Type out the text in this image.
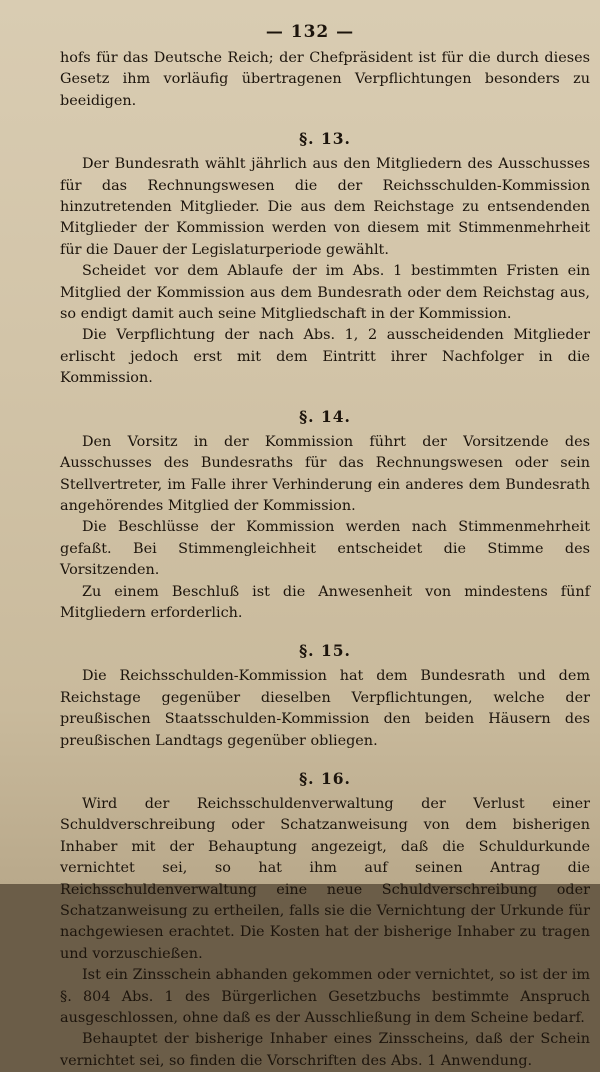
— 132 —

hofs für das Deutsche Reich; der Chefpräsident ist für die durch dieses Gesetz ihm vorläufig übertragenen Verpflichtungen besonders zu beeidigen.

§. 13.

Der Bundesrath wählt jährlich aus den Mitgliedern des Ausschusses für das Rechnungswesen die der Reichsschulden-Kommission hinzutretenden Mitglieder. Die aus dem Reichstage zu entsendenden Mitglieder der Kommission werden von diesem mit Stimmenmehrheit für die Dauer der Legislaturperiode gewählt.

Scheidet vor dem Ablaufe der im Abs. 1 bestimmten Fristen ein Mitglied der Kommission aus dem Bundesrath oder dem Reichstag aus, so endigt damit auch seine Mitgliedschaft in der Kommission.

Die Verpflichtung der nach Abs. 1, 2 ausscheidenden Mitglieder erlischt jedoch erst mit dem Eintritt ihrer Nachfolger in die Kommission.

§. 14.

Den Vorsitz in der Kommission führt der Vorsitzende des Ausschusses des Bundesraths für das Rechnungswesen oder sein Stellvertreter, im Falle ihrer Verhinderung ein anderes dem Bundesrath angehörendes Mitglied der Kommission.

Die Beschlüsse der Kommission werden nach Stimmenmehrheit gefaßt. Bei Stimmengleichheit entscheidet die Stimme des Vorsitzenden.

Zu einem Beschluß ist die Anwesenheit von mindestens fünf Mitgliedern erforderlich.

§. 15.

Die Reichsschulden-Kommission hat dem Bundesrath und dem Reichstage gegenüber dieselben Verpflichtungen, welche der preußischen Staatsschulden-Kommission den beiden Häusern des preußischen Landtags gegenüber obliegen.

§. 16.

Wird der Reichsschuldenverwaltung der Verlust einer Schuldverschreibung oder Schatzanweisung von dem bisherigen Inhaber mit der Behauptung angezeigt, daß die Schuldurkunde vernichtet sei, so hat ihm auf seinen Antrag die Reichsschuldenverwaltung eine neue Schuldverschreibung oder Schatzanweisung zu ertheilen, falls sie die Vernichtung der Urkunde für nachgewiesen erachtet. Die Kosten hat der bisherige Inhaber zu tragen und vorzuschießen.

Ist ein Zinsschein abhanden gekommen oder vernichtet, so ist der im §. 804 Abs. 1 des Bürgerlichen Gesetzbuchs bestimmte Anspruch ausgeschlossen, ohne daß es der Ausschließung in dem Scheine bedarf.

Behauptet der bisherige Inhaber eines Zinsscheins, daß der Schein vernichtet sei, so finden die Vorschriften des Abs. 1 Anwendung.
